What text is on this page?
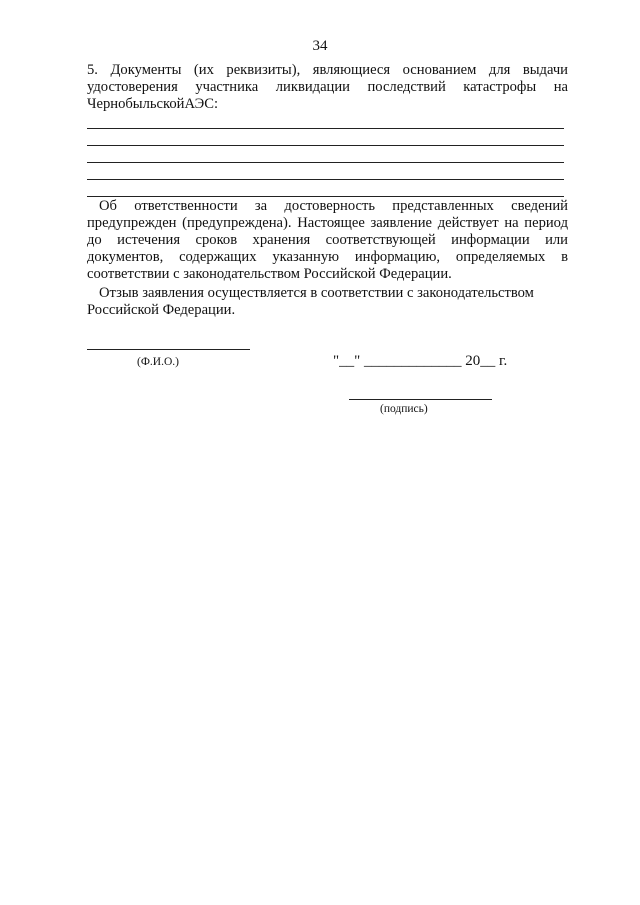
34
5. Документы (их реквизиты), являющиеся основанием для выдачи
удостоверения участника ликвидации последствий катастрофы на
ЧернобыльскойАЭС:
Об ответственности за достоверность представленных сведений
предупрежден (предупреждена). Настоящее заявление действует на период
до истечения сроков хранения соответствующей информации или
документов, содержащих указанную информацию, определяемых в
соответствии с законодательством Российской Федерации.
Отзыв заявления осуществляется в соответствии с законодательством
Российской Федерации.
(Ф.И.О.)	"__" _____________ 20__ г.
(подпись)
